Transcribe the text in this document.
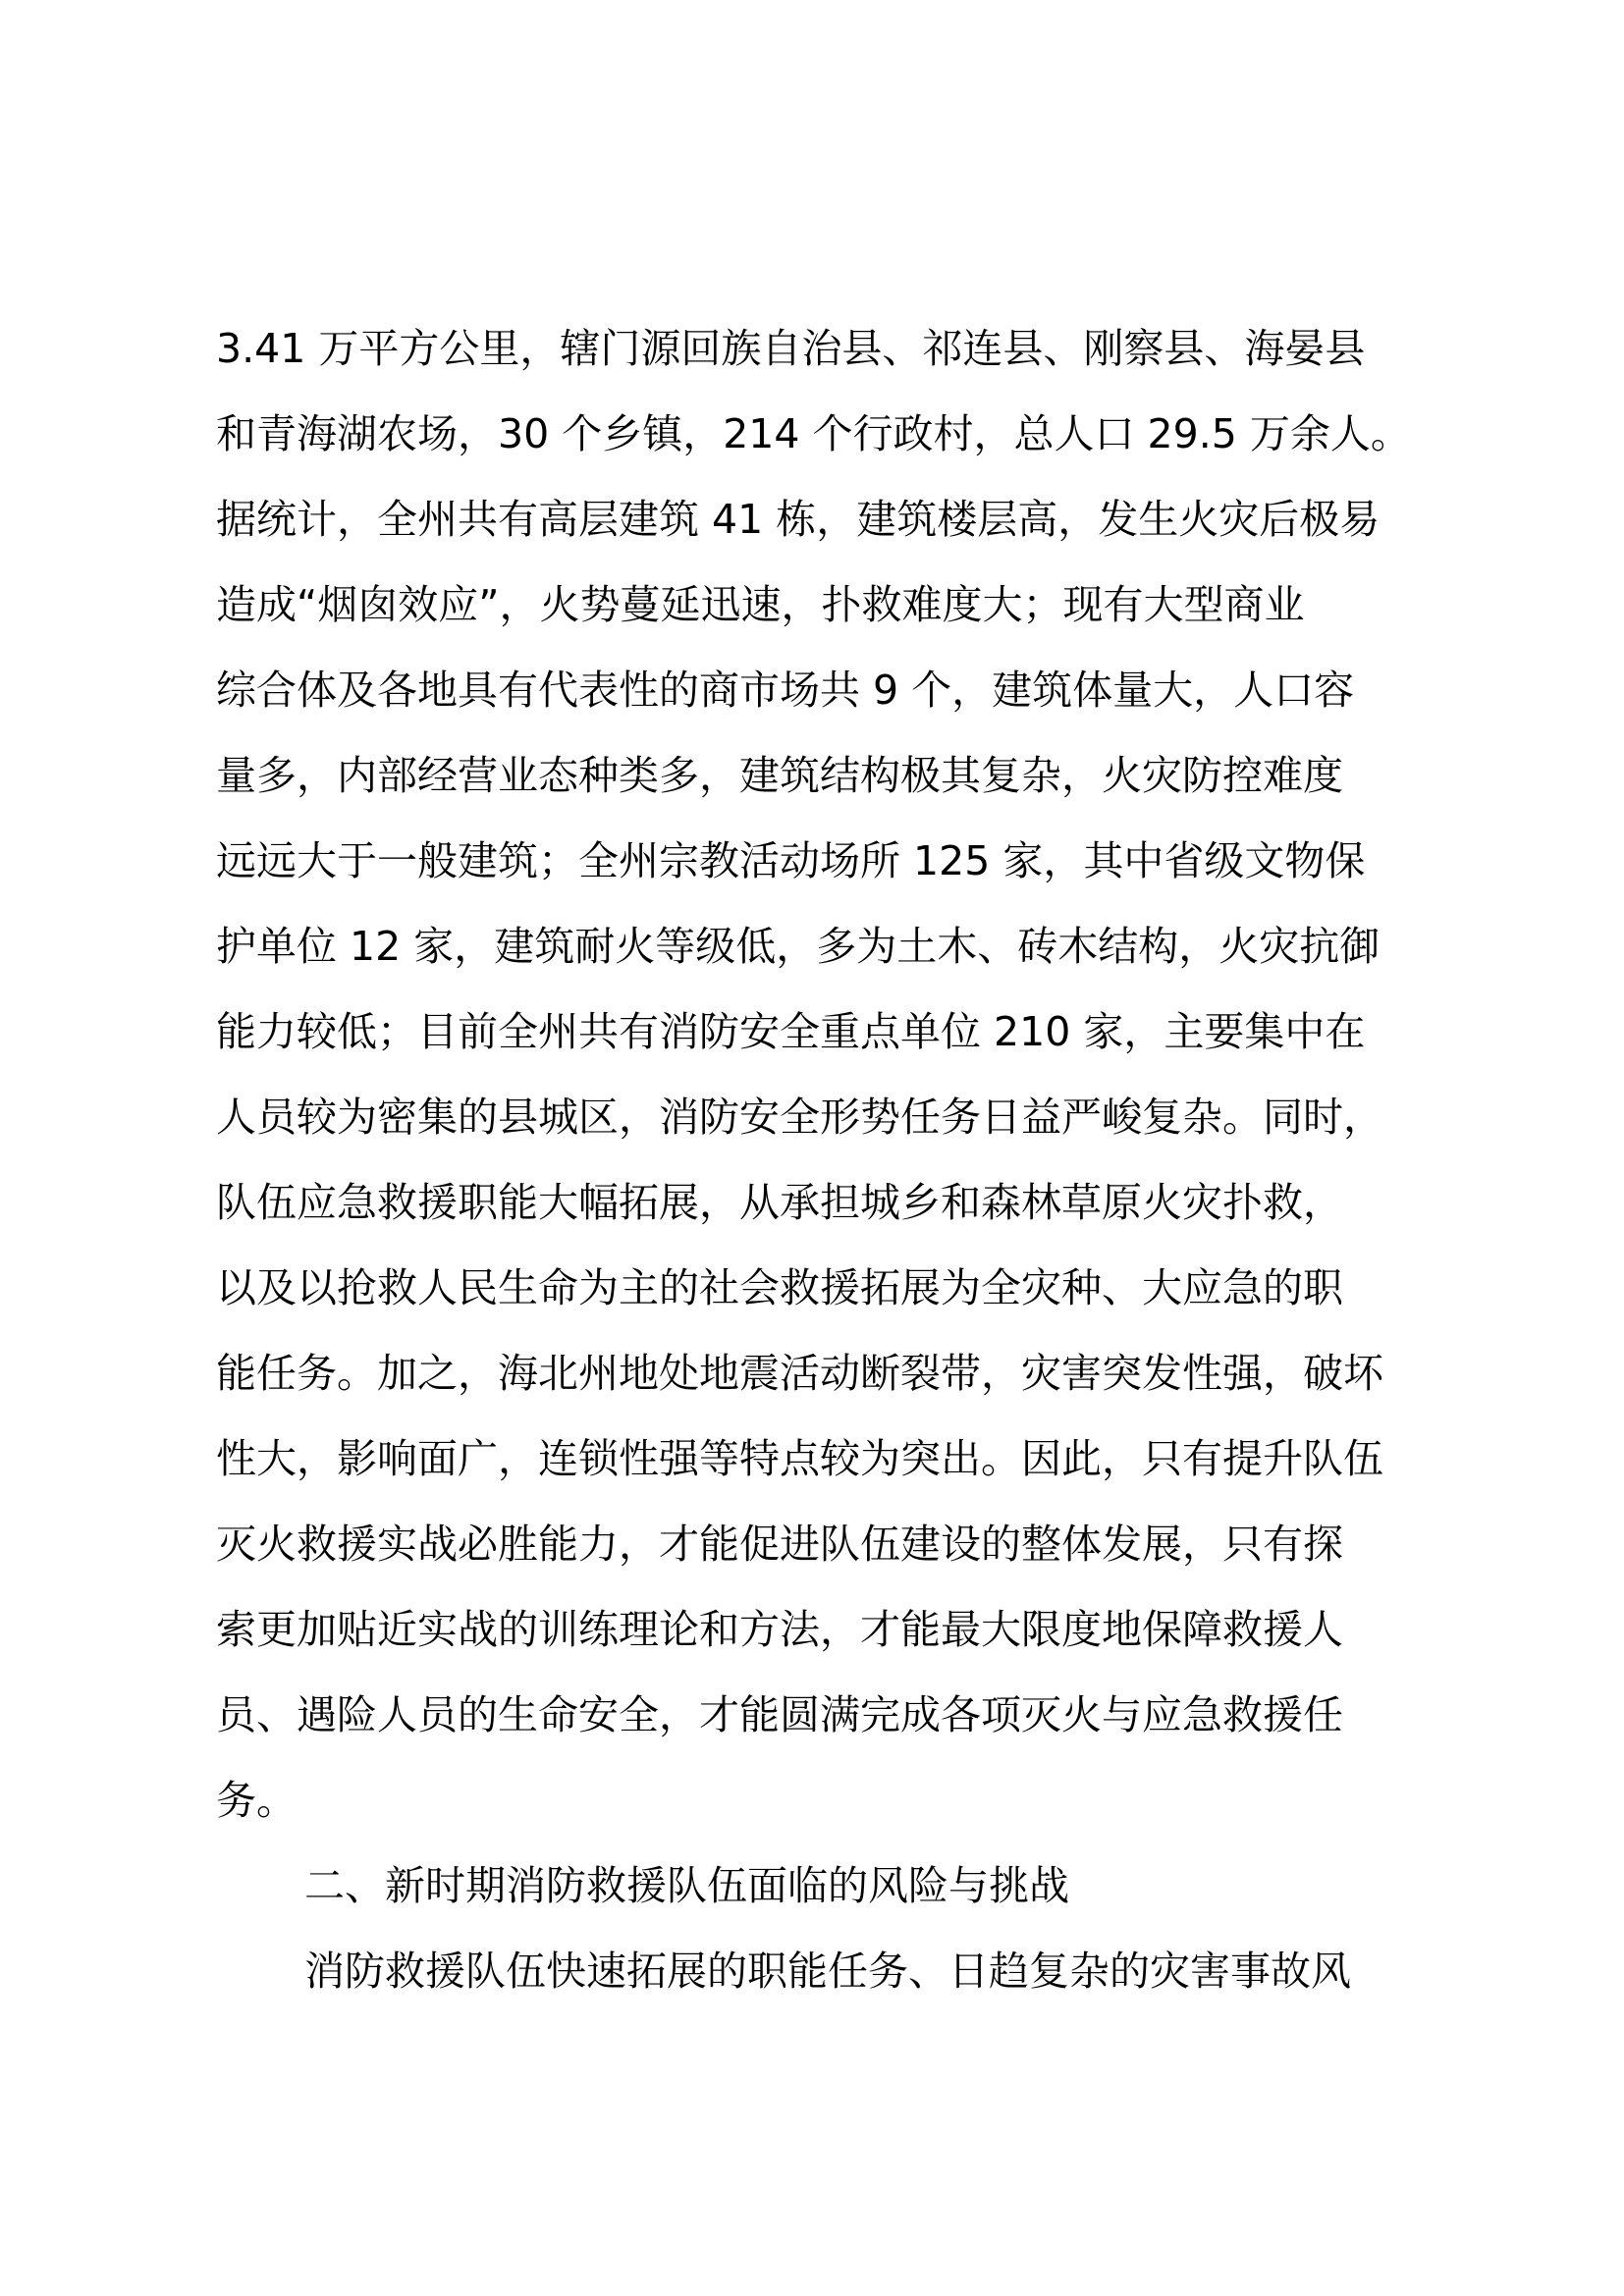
3.41 万平方公里，辖门源回族自治县、祁连县、刚察县、海晏县
和青海湖农场，30 个乡镇，214 个行政村，总人口 29.5 万余人。
据统计，全州共有高层建筑 41 栋，建筑楼层高，发生火灾后极易
造成“烟囱效应”，火势蔓延迅速，扑救难度大；现有大型商业
综合体及各地具有代表性的商市场共 9 个，建筑体量大，人口容
量多，内部经营业态种类多，建筑结构极其复杂，火灾防控难度
远远大于一般建筑；全州宗教活动场所 125 家，其中省级文物保
护单位 12 家，建筑耐火等级低，多为土木、砖木结构，火灾抗御
能力较低；目前全州共有消防安全重点单位 210 家，主要集中在
人员较为密集的县城区，消防安全形势任务日益严峻复杂。同时，
队伍应急救援职能大幅拓展，从承担城乡和森林草原火灾扑救，
以及以抢救人民生命为主的社会救援拓展为全灾种、大应急的职
能任务。加之，海北州地处地震活动断裂带，灾害突发性强，破坏
性大，影响面广，连锁性强等特点较为突出。因此，只有提升队伍
灭火救援实战必胜能力，才能促进队伍建设的整体发展，只有探
索更加贴近实战的训练理论和方法，才能最大限度地保障救援人
员、遇险人员的生命安全，才能圆满完成各项灭火与应急救援任
务。
二、新时期消防救援队伍面临的风险与挑战
消防救援队伍快速拓展的职能任务、日趋复杂的灾害事故风
